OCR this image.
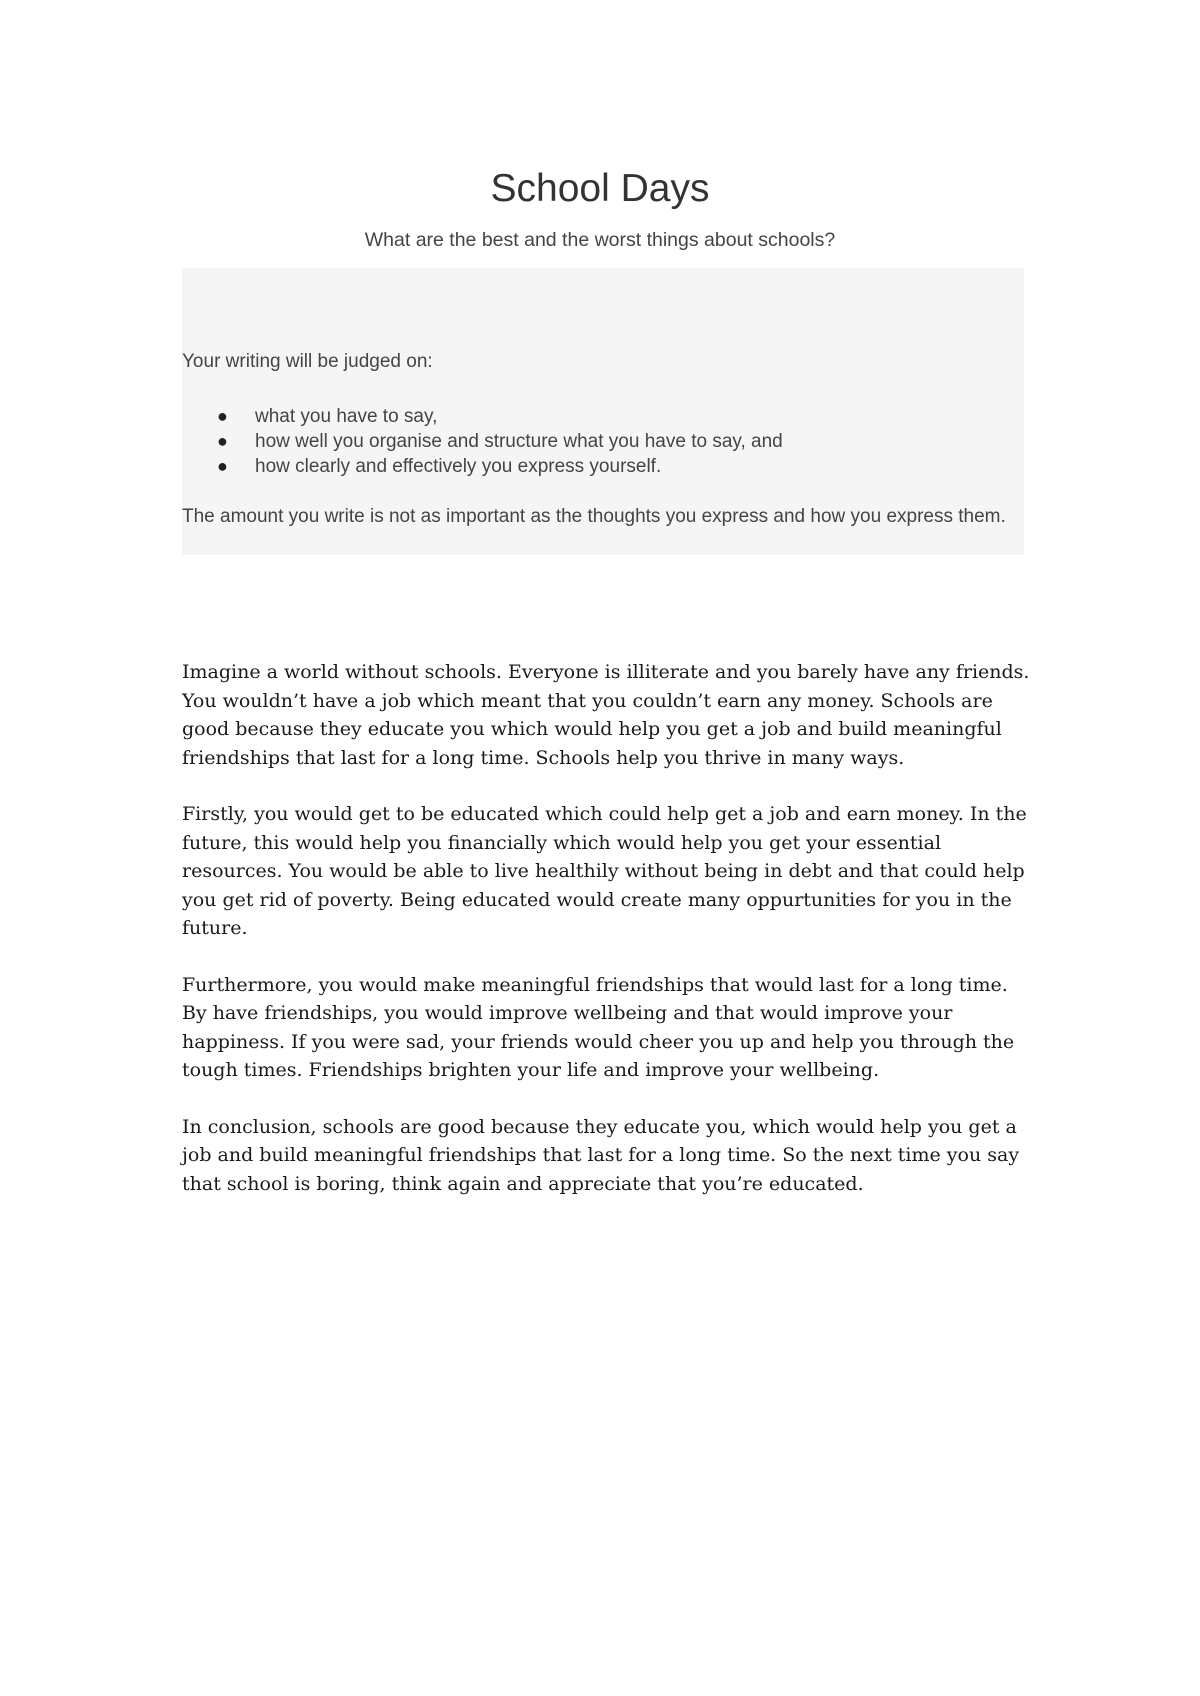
School Days

What are the best and the worst things about schools?

Your writing will be judged on:

● what you have to say,
● how well you organise and structure what you have to say, and
● how clearly and effectively you express yourself.

The amount you write is not as important as the thoughts you express and how you express them.

Imagine a world without schools. Everyone is illiterate and you barely have any friends. You wouldn’t have a job which meant that you couldn’t earn any money. Schools are good because they educate you which would help you get a job and build meaningful friendships that last for a long time. Schools help you thrive in many ways.

Firstly, you would get to be educated which could help get a job and earn money. In the future, this would help you financially which would help you get your essential resources. You would be able to live healthily without being in debt and that could help you get rid of poverty. Being educated would create many oppurtunities for you in the future.

Furthermore, you would make meaningful friendships that would last for a long time. By have friendships, you would improve wellbeing and that would improve your happiness. If you were sad, your friends would cheer you up and help you through the tough times. Friendships brighten your life and improve your wellbeing.

In conclusion, schools are good because they educate you, which would help you get a job and build meaningful friendships that last for a long time. So the next time you say that school is boring, think again and appreciate that you’re educated.
